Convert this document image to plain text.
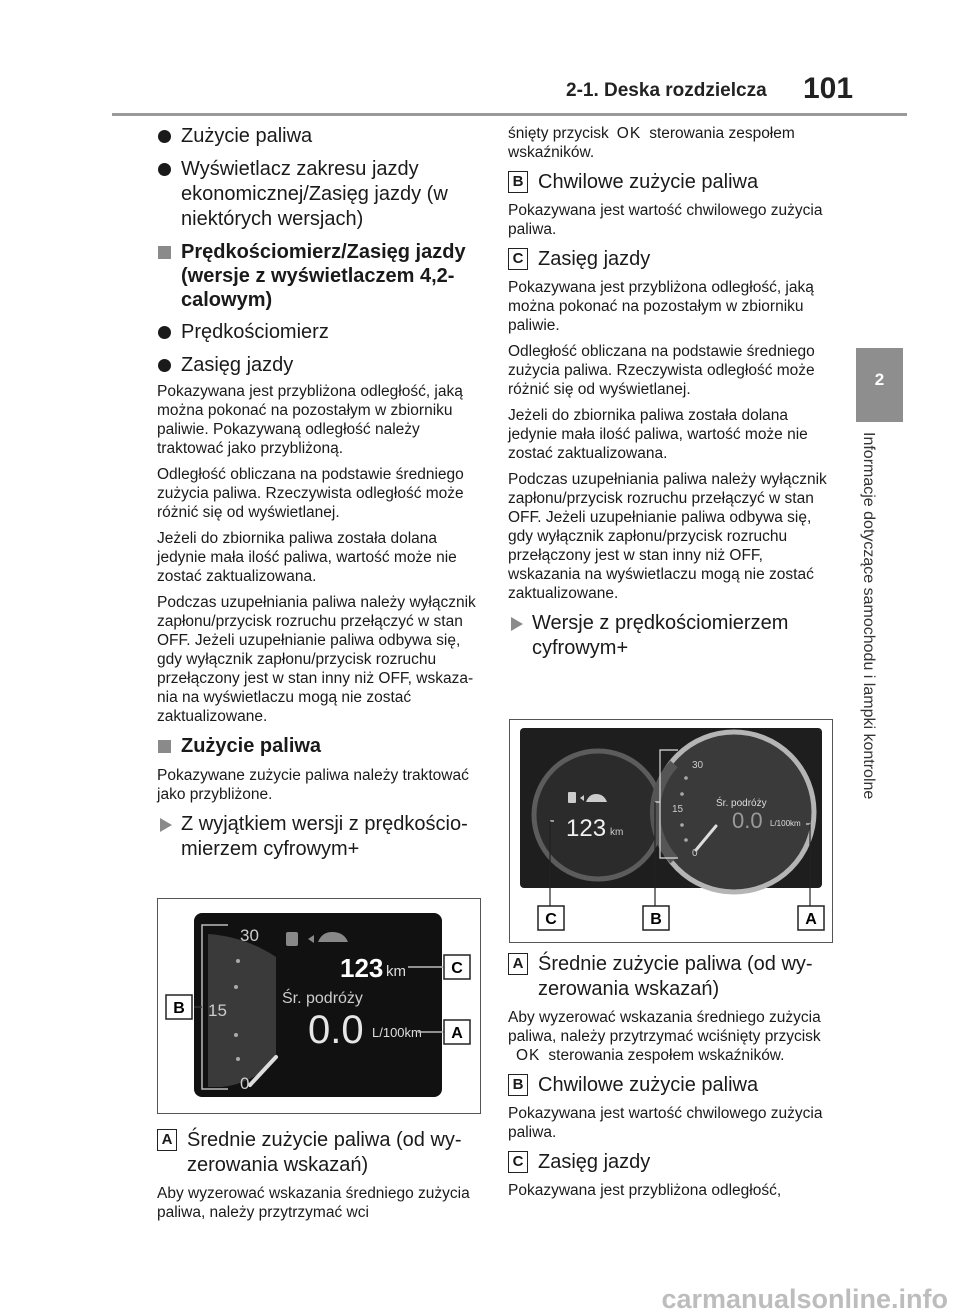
2-1. Deska rozdzielcza 101
2
Informacje dotyczące samochodu i lampki kontrolne
Zużycie paliwa
Wyświetlacz zakresu jazdy ekonomicznej/Zasięg jazdy (w niektórych wersjach)
Prędkościomierz/Zasięg jazdy (wersje z wyświetlaczem 4,2-calowym)
Prędkościomierz
Zasięg jazdy

Pokazywana jest przybliżona odległość, jaką można pokonać na pozostałym w zbiorniku paliwie. Pokazywaną odległość należy traktować jako przybliżoną.

Odległość obliczana na podstawie średniego zużycia paliwa. Rzeczywista odległość może różnić się od wyświetlanej.

Jeżeli do zbiornika paliwa została dolana jedynie mała ilość paliwa, wartość może nie zostać zaktualizowana.

Podczas uzupełniania paliwa należy wyłącznik zapłonu/przycisk rozruchu przełączyć w stan OFF. Jeżeli uzupełnianie paliwa odbywa się, gdy wyłącznik zapłonu/przycisk rozruchu przełączony jest w stan inny niż OFF, wskazania na wyświetlaczu mogą nie zostać zaktualizowane.

Zużycie paliwa

Pokazywane zużycie paliwa należy traktować jako przybliżone.

Z wyjątkiem wersji z prędkościomierzem cyfrowym+
30
15
0
123 km
Śr. podróży
0.0 L/100km
B
C
A
A Średnie zużycie paliwa (od wyzerowania wskazań)

Aby wyzerować wskazania średniego zużycia paliwa, należy przytrzymać wci

śnięty przycisk OK sterowania zespołem wskaźników.

B Chwilowe zużycie paliwa

Pokazywana jest wartość chwilowego zużycia paliwa.

C Zasięg jazdy

Pokazywana jest przybliżona odległość, jaką można pokonać na pozostałym w zbiorniku paliwie.

Odległość obliczana na podstawie średniego zużycia paliwa. Rzeczywista odległość może różnić się od wyświetlanej.

Jeżeli do zbiornika paliwa została dolana jedynie mała ilość paliwa, wartość może nie zostać zaktualizowana.

Podczas uzupełniania paliwa należy wyłącznik zapłonu/przycisk rozruchu przełączyć w stan OFF. Jeżeli uzupełnianie paliwa odbywa się, gdy wyłącznik zapłonu/przycisk rozruchu przełączony jest w stan inny niż OFF, wskazania na wyświetlaczu mogą nie zostać zaktualizowane.

Wersje z prędkościomierzem cyfrowym+
30
15
0
123 km
Śr. podróży
0.0 L/100km
C	B	A
A Średnie zużycie paliwa (od wyzerowania wskazań)

Aby wyzerować wskazania średniego zużycia paliwa, należy przytrzymać wciśnięty przyciskOK sterowania zespołem wskaźników.

B Chwilowe zużycie paliwa

Pokazywana jest wartość chwilowego zużycia paliwa.

C Zasięg jazdy

Pokazywana jest przybliżona odległość,

carmanualsonline.info
